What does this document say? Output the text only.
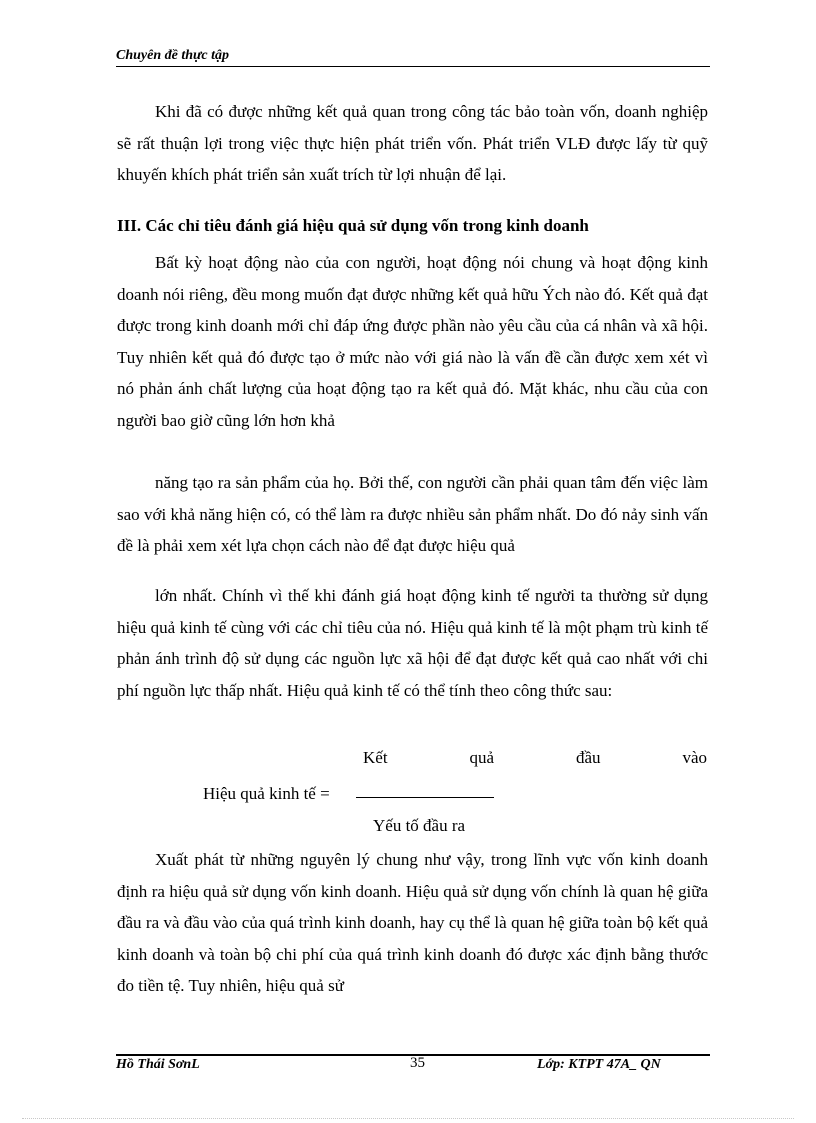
Chuyên đề thực tập
Khi đã có được những kết quả quan trong công tác bảo toàn vốn, doanh nghiệp sẽ rất thuận lợi trong việc thực hiện phát triển vốn. Phát triển VLĐ được lấy từ quỹ khuyến khích phát triển sản xuất trích từ lợi nhuận để lại.
III. Các chỉ tiêu đánh giá hiệu quả sử dụng vốn trong kinh doanh
Bất kỳ hoạt động nào của con người, hoạt động nói chung và hoạt động kinh doanh nói riêng, đều mong muốn đạt được những kết quả hữu Ých nào đó. Kết quả đạt được trong kinh doanh mới chỉ đáp ứng được phần nào yêu cầu của cá nhân và xã hội. Tuy nhiên kết quả đó được tạo ở mức nào với giá nào là vấn đề cần được xem xét vì nó phản ánh chất lượng của hoạt động tạo ra kết quả đó. Mặt khác, nhu cầu của con người bao giờ cũng lớn hơn khả
năng tạo ra sản phẩm của họ. Bởi thế, con người cần phải quan tâm đến việc làm sao với khả năng hiện có, có thể làm ra được nhiều sản phẩm nhất. Do đó nảy sinh vấn đề là phải xem xét lựa chọn cách nào để đạt được hiệu quả
lớn nhất. Chính vì thế khi đánh giá hoạt động kinh tế người ta thường sử dụng hiệu quả kinh tế cùng với các chỉ tiêu của nó. Hiệu quả kinh tế là một phạm trù kinh tế phản ánh trình độ sử dụng các nguồn lực xã hội để đạt được kết quả cao nhất với chi phí nguồn lực thấp nhất. Hiệu quả kinh tế có thể tính theo công thức sau:
Kết	quả	đầu	vào
Hiệu quả kinh tế =
Yếu tố đầu ra
Xuất phát từ những nguyên lý chung như vậy, trong lĩnh vực vốn kinh doanh định ra hiệu quả sử dụng vốn kinh doanh. Hiệu quả sử dụng vốn chính là quan hệ giữa đầu ra và đầu vào của quá trình kinh doanh, hay cụ thể là quan hệ giữa toàn bộ kết quả kinh doanh và toàn bộ chi phí của quá trình kinh doanh đó được xác định bằng thước đo tiền tệ. Tuy nhiên, hiệu quả sử
Hồ Thái SơnL	35	Lớp: KTPT 47A_ QN
